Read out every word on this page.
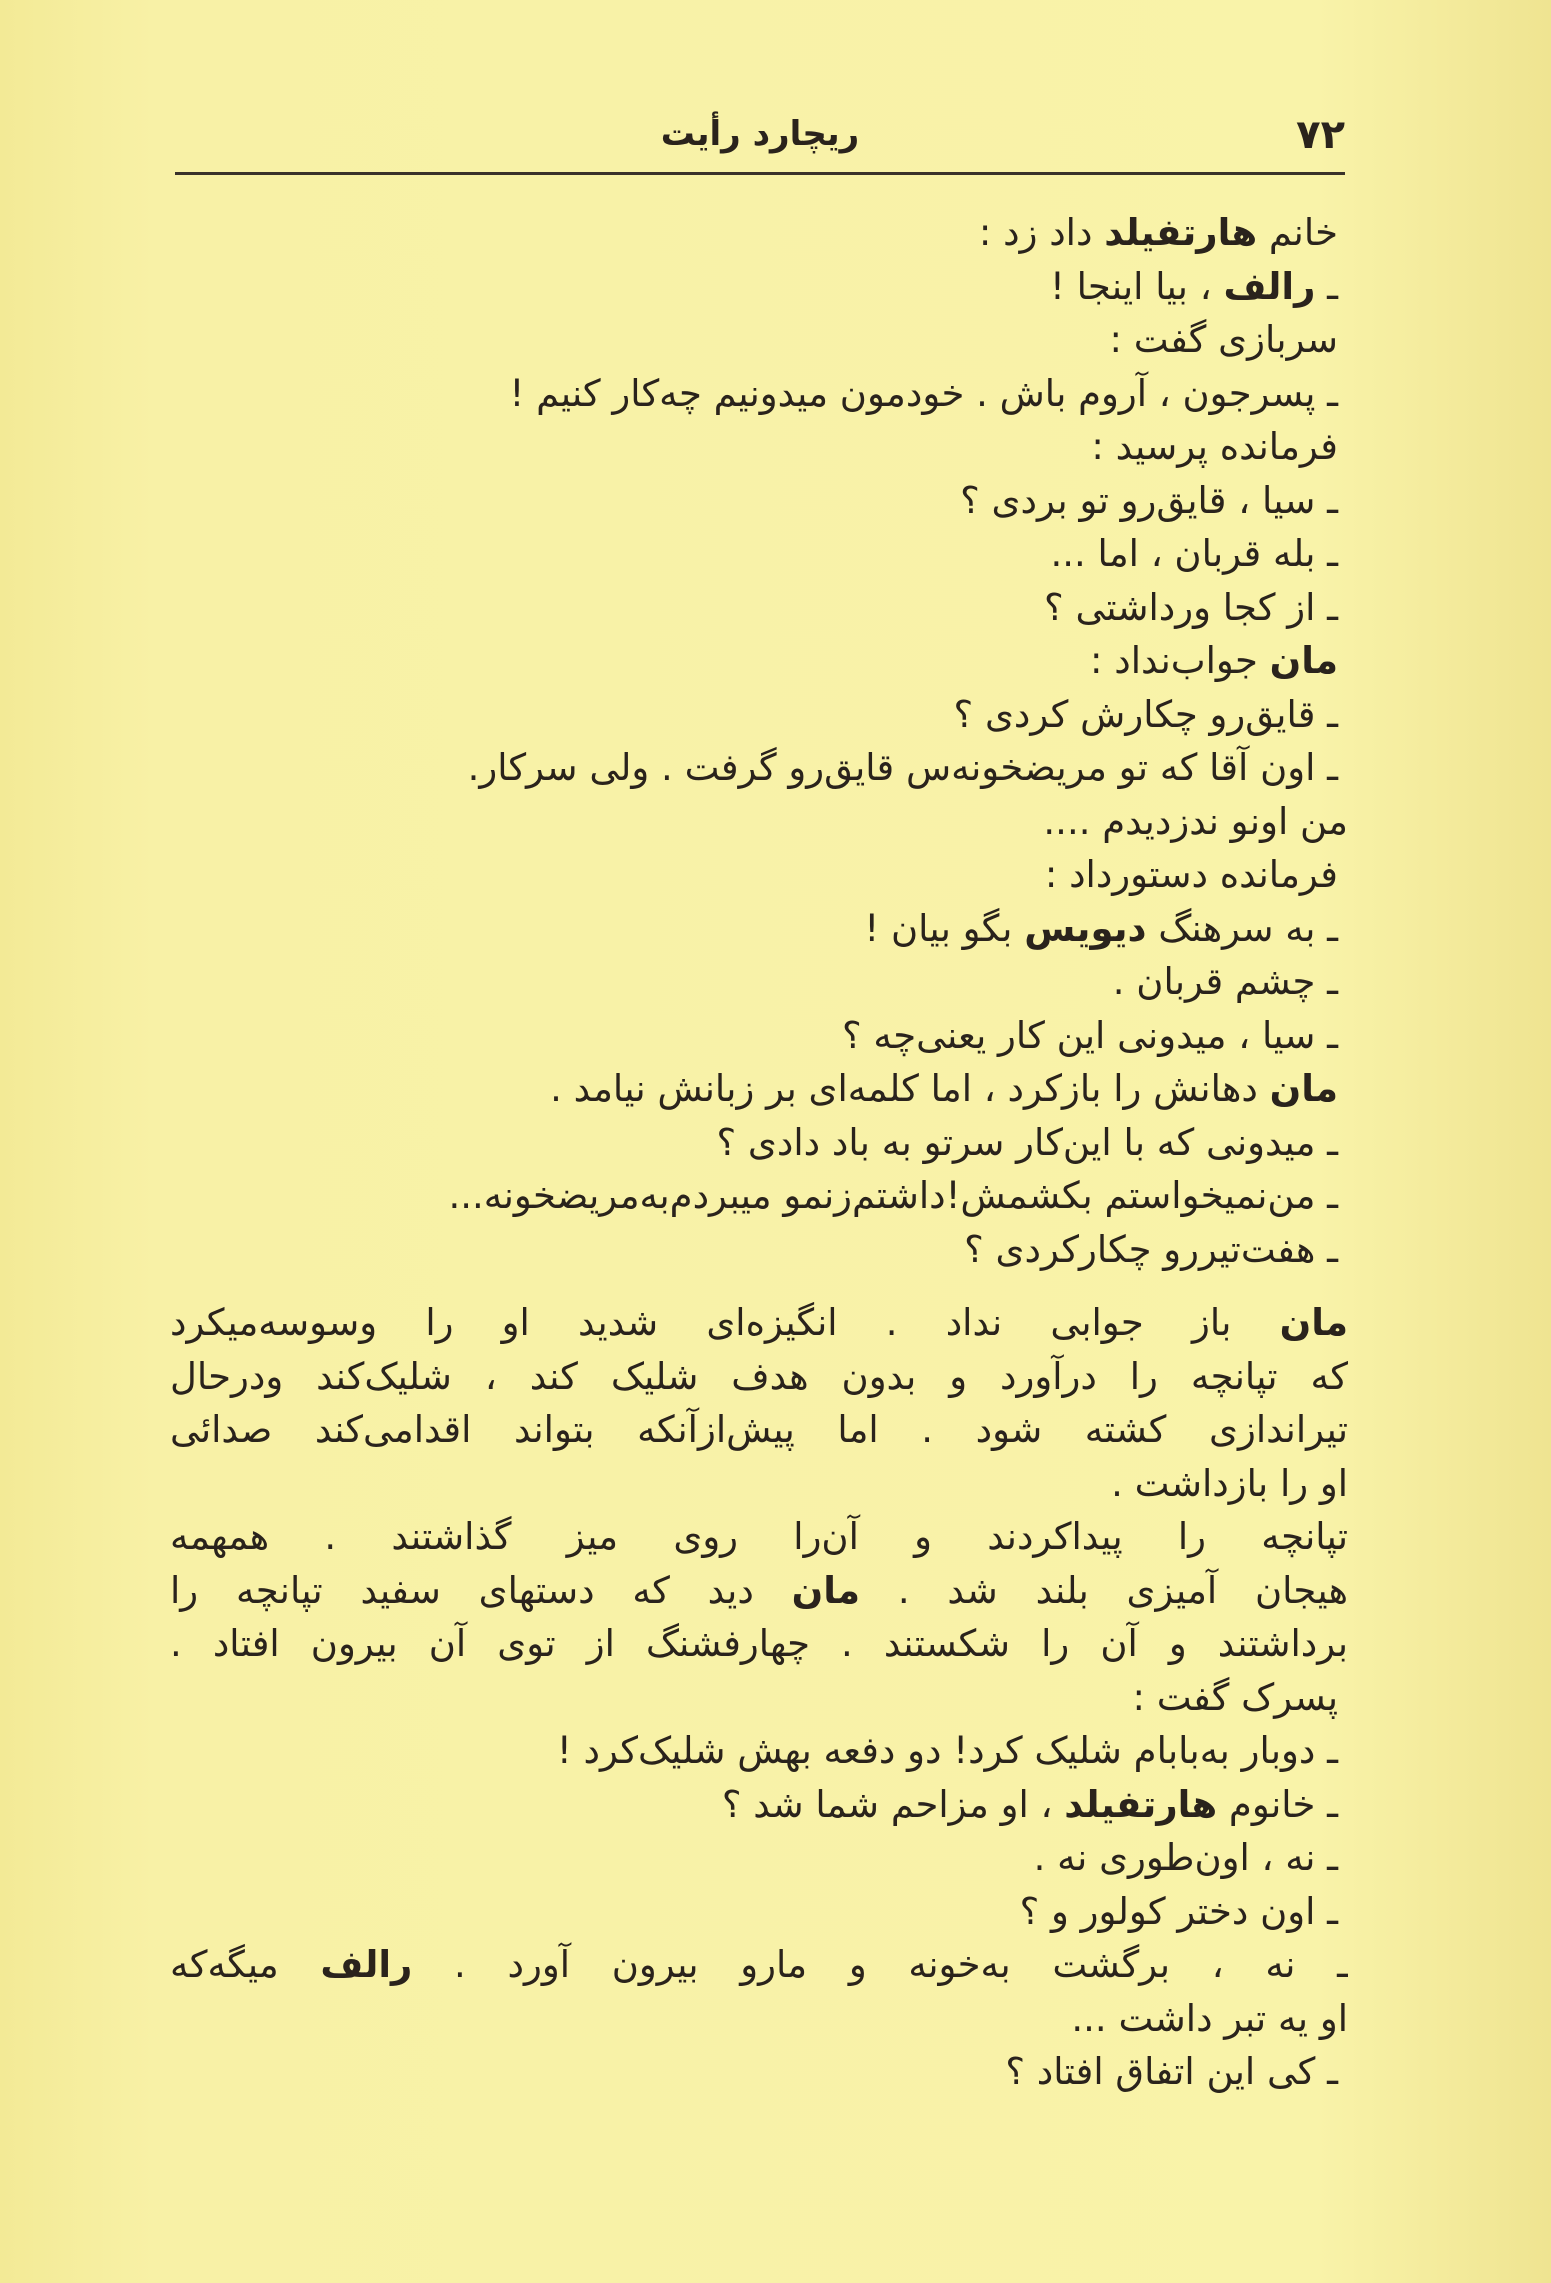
۷۲
ریچارد رأیت
خانم هارتفیلد داد زد :
ـ رالف ، بیا اینجا !
سربازی گفت :
ـ پسرجون ، آروم باش . خودمون میدونیم چه‌کار کنیم !
فرمانده پرسید :
ـ سیا ، قایق‌رو تو بردی ؟
ـ بله قربان ، اما ...
ـ از کجا ورداشتی ؟
مان جواب‌نداد :
ـ قایق‌رو چکارش کردی ؟
ـ اون آقا که تو مریضخونه‌س قایق‌رو گرفت . ولی سرکار.
من اونو ندزدیدم ....
فرمانده دستورداد :
ـ به سرهنگ دیویس بگو بیان !
ـ چشم قربان .
ـ سیا ، میدونی این کار یعنی‌چه ؟
مان دهانش را بازکرد ، اما کلمه‌ای بر زبانش نیامد .
ـ میدونی که با این‌کار سرتو به باد دادی ؟
ـ من‌نمیخواستم بکشمش!داشتم‌زنمو میبردم‌به‌مریضخونه...
ـ هفت‌تیررو چکارکردی ؟
مان باز جوابی نداد . انگیزه‌ای شدید او را وسوسه‌میکرد
که تپانچه را درآورد و بدون هدف شلیک کند ، شلیک‌کند ودرحال
تیراندازی کشته شود . اما پیش‌ازآنکه بتواند اقدامی‌کند صدائی
او را بازداشت .
تپانچه را پیداکردند و آن‌را روی میز گذاشتند . همهمه
هیجان آمیزی بلند شد . مان دید که دستهای سفید تپانچه را
برداشتند و آن را شکستند . چهارفشنگ از توی آن بیرون افتاد .
پسرک گفت :
ـ دوبار به‌بابام شلیک کرد! دو دفعه بهش شلیک‌کرد !
ـ خانوم هارتفیلد ، او مزاحم شما شد ؟
ـ نه ، اون‌طوری نه .
ـ اون دختر کولور و ؟
ـ نه ، برگشت به‌خونه و مارو بیرون آورد . رالف میگه‌که
او یه تبر داشت ...
ـ کی این اتفاق افتاد ؟
